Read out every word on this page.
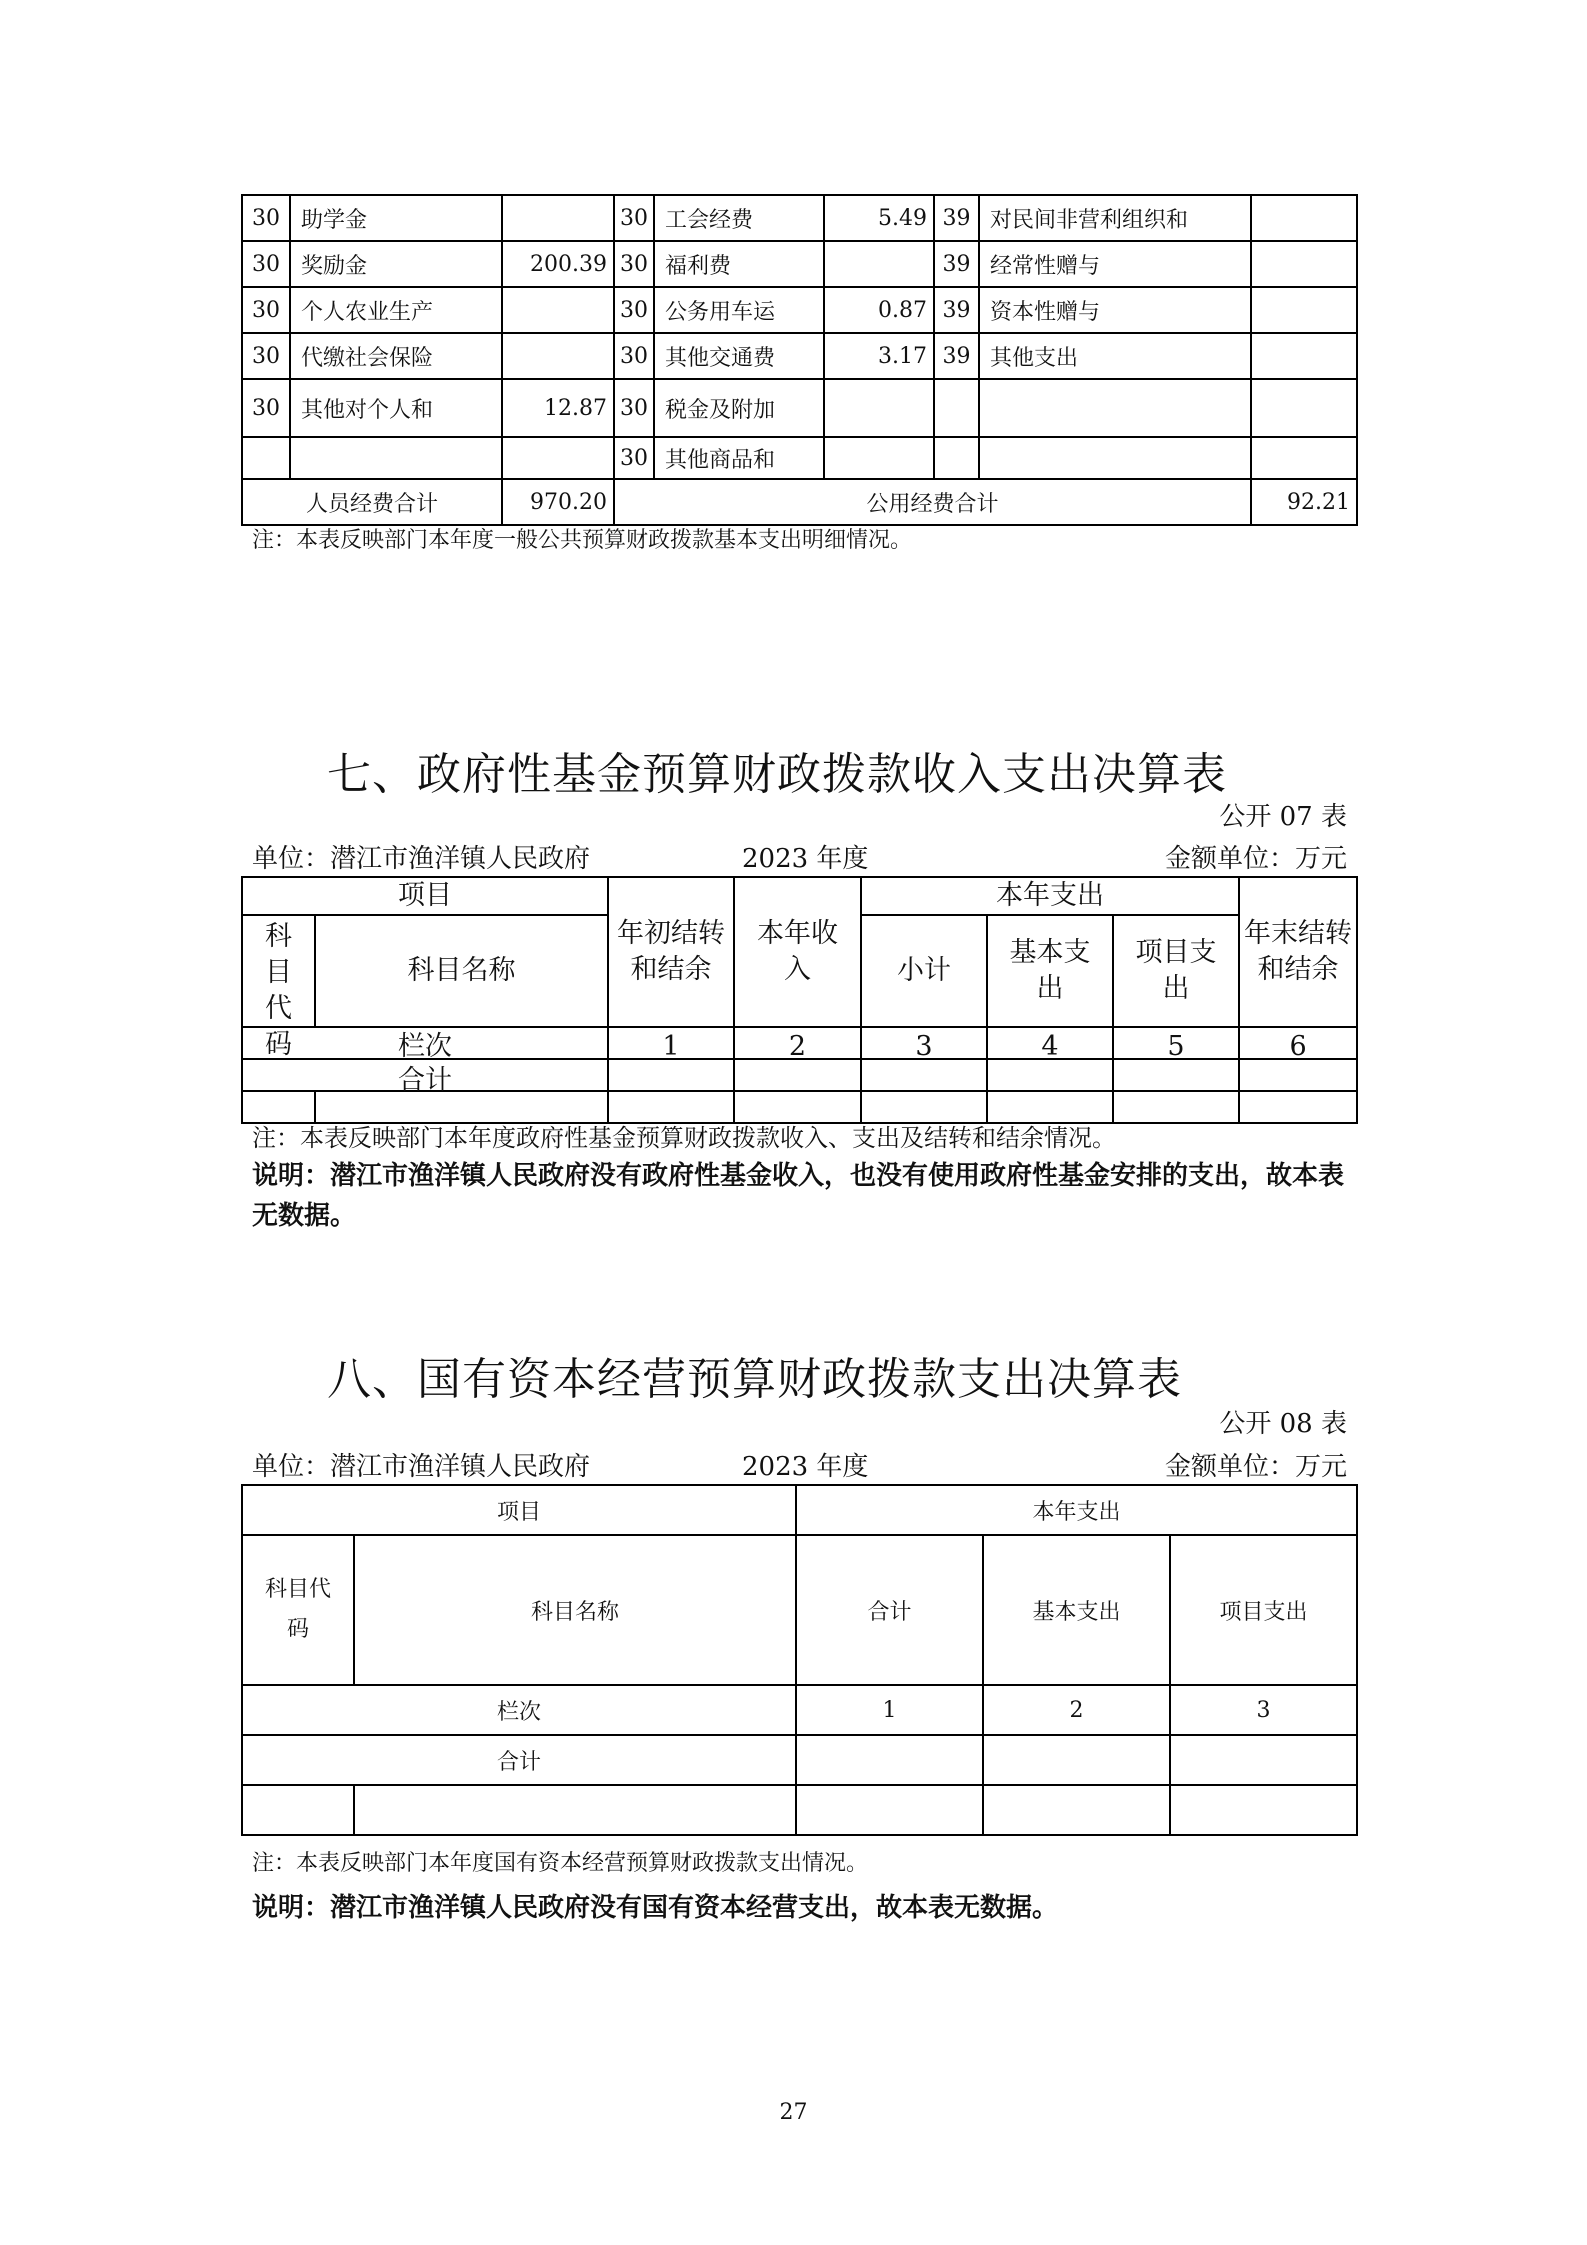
30	助学金		30	工会经费	5.49	39	对民间非营利组织和	
30	奖励金	200.39	30	福利费		39	经常性赠与	
30	个人农业生产		30	公务用车运	0.87	39	资本性赠与	
30	代缴社会保险		30	其他交通费	3.17	39	其他支出	
30	其他对个人和	12.87	30	税金及附加				
			30	其他商品和				
人员经费合计		970.20	公用经费合计					92.21
注：本表反映部门本年度一般公共预算财政拨款基本支出明细情况。
七、政府性基金预算财政拨款收入支出决算表
公开 07 表
单位：潜江市渔洋镇人民政府	2023 年度	金额单位：万元
项目		年初结转和结余	本年收入	本年支出			年末结转和结余

科目代码	科目名称			小计	基本支出	项目支出	

栏次		1	2	3	4	5	6

合计							

注：本表反映部门本年度政府性基金预算财政拨款收入、支出及结转和结余情况。
说明：潜江市渔洋镇人民政府没有政府性基金收入，也没有使用政府性基金安排的支出，故本表无数据。
八、国有资本经营预算财政拨款支出决算表
公开 08 表
单位：潜江市渔洋镇人民政府	2023 年度	金额单位：万元
项目		本年支出		

科目代码	科目名称	合计	基本支出	项目支出
栏次		1	2	3
合计				

注：本表反映部门本年度国有资本经营预算财政拨款支出情况。
说明：潜江市渔洋镇人民政府没有国有资本经营支出，故本表无数据。
27
